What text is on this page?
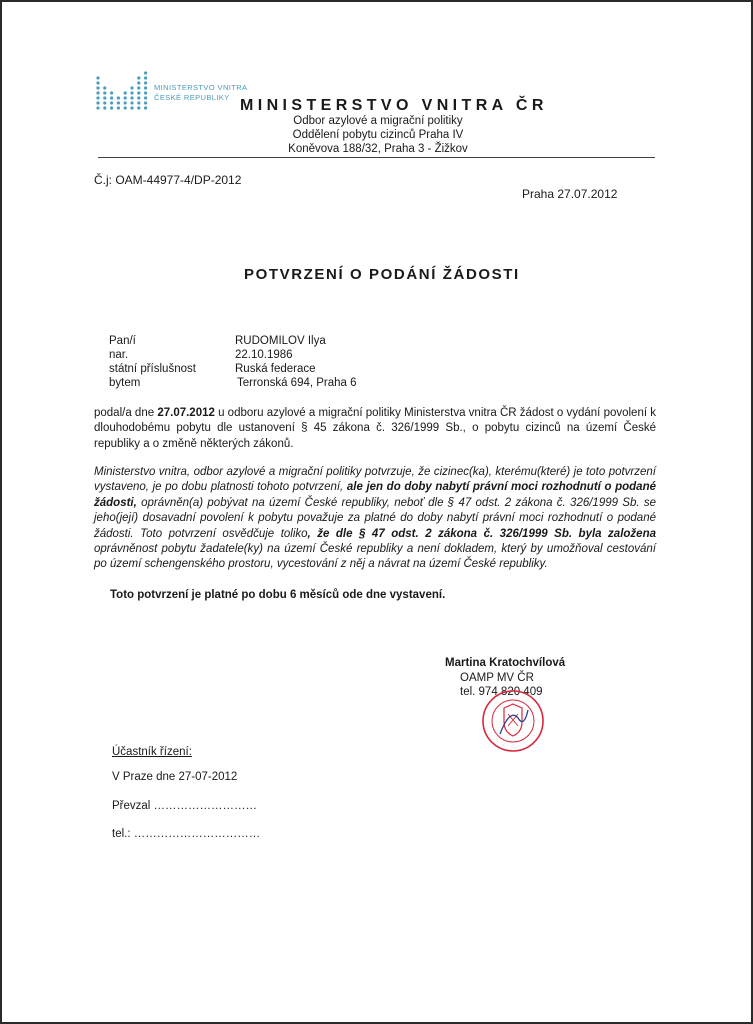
MINISTERSTVO VNITRA
ČESKÉ REPUBLIKY MINISTERSTVO VNITRA ČR
Odbor azylové a migrační politiky
Oddělení pobytu cizinců Praha IV
Koněvova 188/32, Praha 3 - Žižkov
Č.j: OAM-44977-4/DP-2012
Praha 27.07.2012
POTVRZENÍ O PODÁNÍ ŽÁDOSTI
Pan/í
nar.
státní příslušnost
bytem
RUDOMILOV Ilya
22.10.1986
Ruská federace
Terronská 694, Praha 6

podal/a dne 27.07.2012 u odboru azylové a migrační politiky Ministerstva vnitra ČR žádost o vydání povolení k dlouhodobému pobytu dle ustanovení § 45 zákona č. 326/1999 Sb., o pobytu cizinců na území České republiky a o změně některých zákonů.

Ministerstvo vnitra, odbor azylové a migrační politiky potvrzuje, že cizinec(ka), kterému(které) je toto potvrzení vystaveno, je po dobu platnosti tohoto potvrzení, ale jen do doby nabytí právní moci rozhodnutí o podané žádosti, oprávněn(a) pobývat na území České republiky, neboť dle § 47 odst. 2 zákona č. 326/1999 Sb. se jeho(její) dosavadní povolení k pobytu považuje za platné do doby nabytí právní moci rozhodnutí o podané žádosti. Toto potvrzení osvědčuje toliko, že dle § 47 odst. 2 zákona č. 326/1999 Sb. byla založena oprávněnost pobytu žadatele(ky) na území České republiky a není dokladem, který by umožňoval cestování po území schengenského prostoru, vycestování z něj a návrat na území České republiky.

Toto potvrzení je platné po dobu 6 měsíců ode dne vystavení.
Martina Kratochvílová
OAMP MV ČR
tel. 974 820 409
Účastník řízení:
V Praze dne 27-07-2012
Převzal ………………………
tel.: ……………………………
